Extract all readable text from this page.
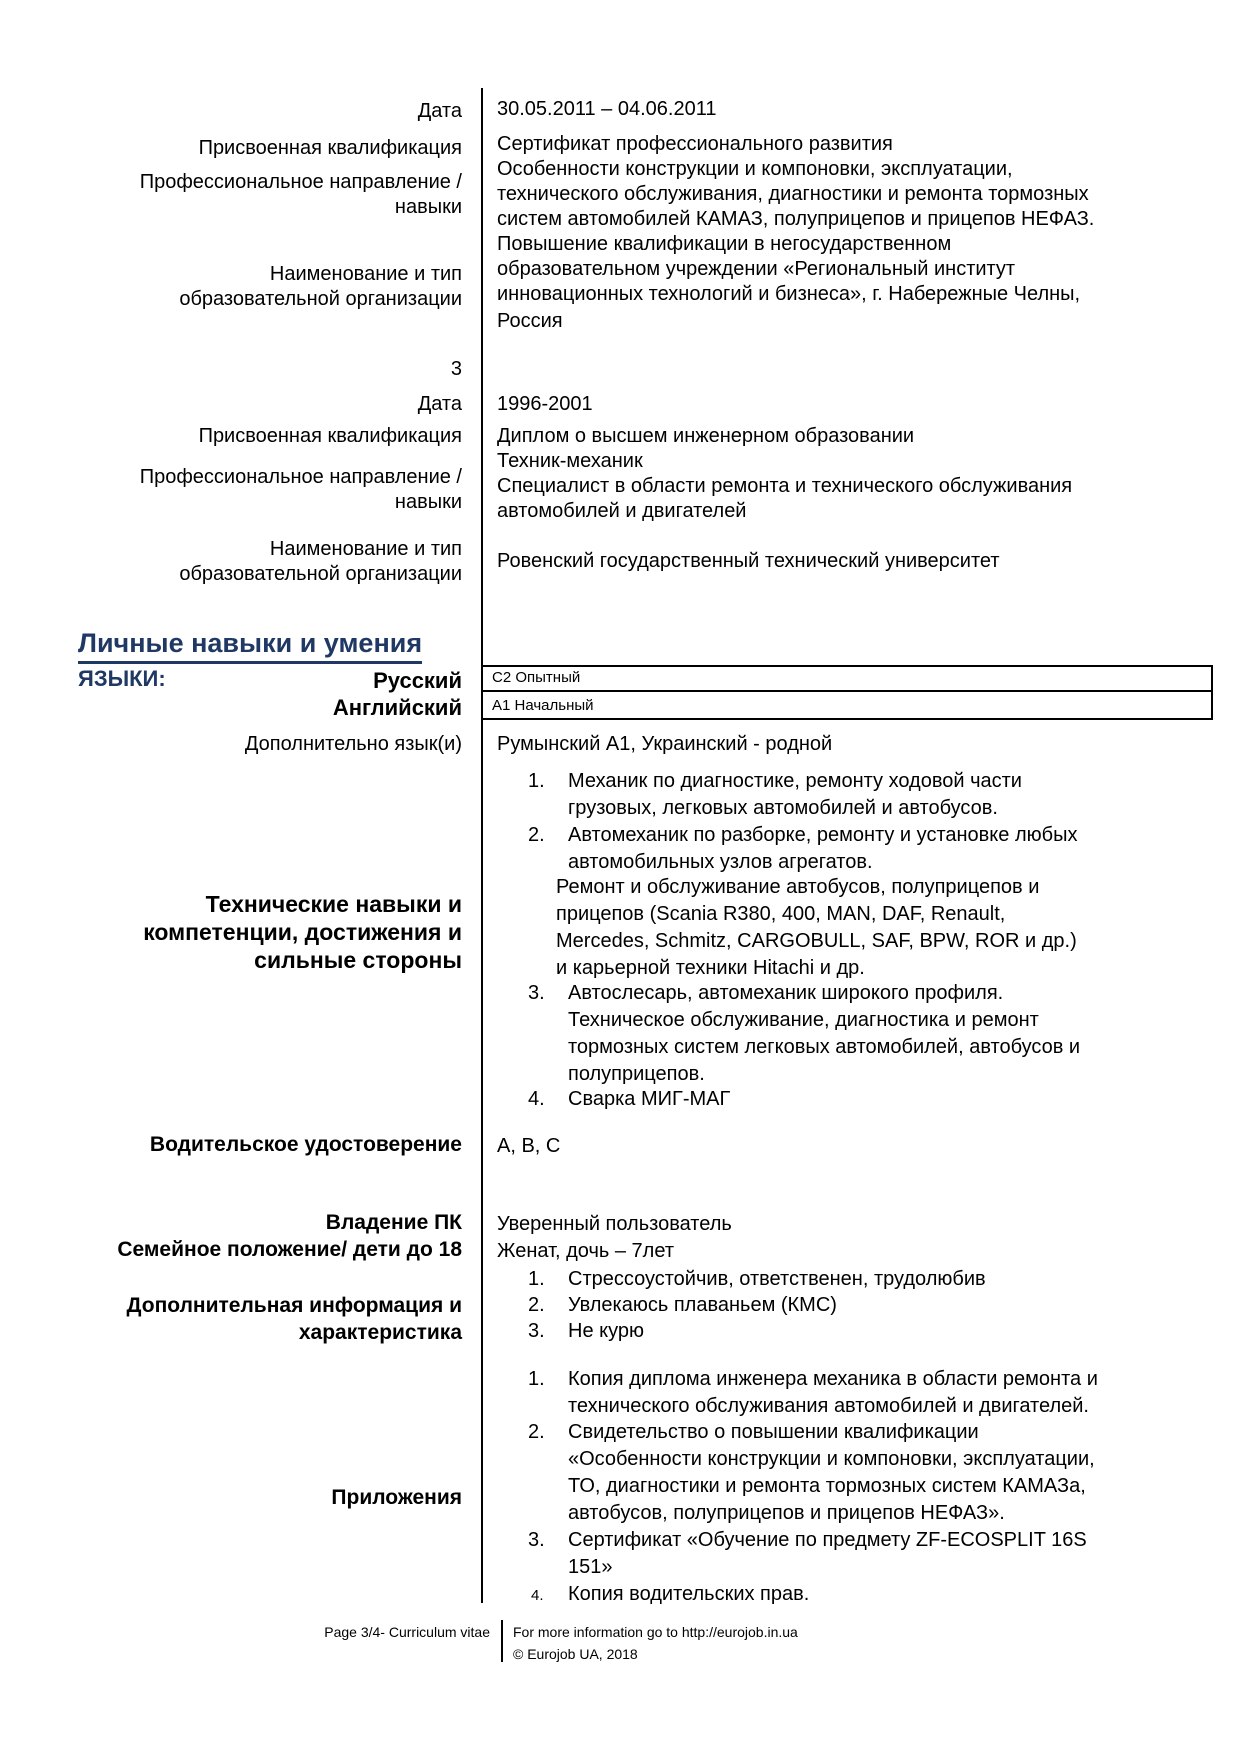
Дата 30.05.2011 – 04.06.2011
Присвоенная квалификация Сертификат профессионального развития
Профессиональное направление /
навыки
Особенности конструкции и компоновки, эксплуатации,
технического обслуживания, диагностики и ремонта тормозных
систем автомобилей КАМАЗ, полуприцепов и прицепов НЕФАЗ.
Наименование и тип
образовательной организации
Повышение квалификации в негосударственном
образовательном учреждении «Региональный институт
инновационных технологий и бизнеса», г. Набережные Челны,
Россия
3
Дата 1996-2001
Присвоенная квалификация Диплом о высшем инженерном образовании
Профессиональное направление /
навыки
Техник-механик
Специалист в области ремонта и технического обслуживания
автомобилей и двигателей
Наименование и тип
образовательной организации
Ровенский государственный технический университет
Личные навыки и умения
ЯЗЫКИ:	Русский C2 Опытный
Английский A1 Начальный
Дополнительно язык(и) Румынский A1, Украинский - родной
Технические навыки и
компетенции, достижения и
сильные стороны
Водительское удостоверение A, B, C
Владение ПК Уверенный пользователь
Семейное положение/ дети до 18 Женат, дочь – 7лет
Дополнительная информация и
характеристика
Приложения
Page 3/4- Curriculum vitae For more information go to http://eurojob.in.ua
© Eurojob UA, 2018
1. Механик по диагностике, ремонту ходовой части
грузовых, легковых автомобилей и автобусов.
2. Автомеханик по разборке, ремонту и установке любых
автомобильных узлов агрегатов.
Ремонт и обслуживание автобусов, полуприцепов и
прицепов (Scania R380, 400, MAN, DAF, Renault,
Mercedes, Schmitz, CARGOBULL, SAF, BPW, ROR и др.)
и карьерной техники Hitachi и др.
3. Автослесарь, автомеханик широкого профиля.
Техническое обслуживание, диагностика и ремонт
тормозных систем легковых автомобилей, автобусов и
полуприцепов.
4. Сварка МИГ-МАГ
1. Стрессоустойчив, ответственен, трудолюбив
2. Увлекаюсь плаваньем (КМС)
3. Не курю
1. Копия диплома инженера механика в области ремонта и
технического обслуживания автомобилей и двигателей.
2. Свидетельство о повышении квалификации
«Особенности конструкции и компоновки, эксплуатации,
ТО, диагностики и ремонта тормозных систем КАМАЗа,
автобусов, полуприцепов и прицепов НЕФАЗ».
3. Сертификат «Обучение по предмету ZF-ECOSPLIT 16S
151»
4. Копия водительских прав.
